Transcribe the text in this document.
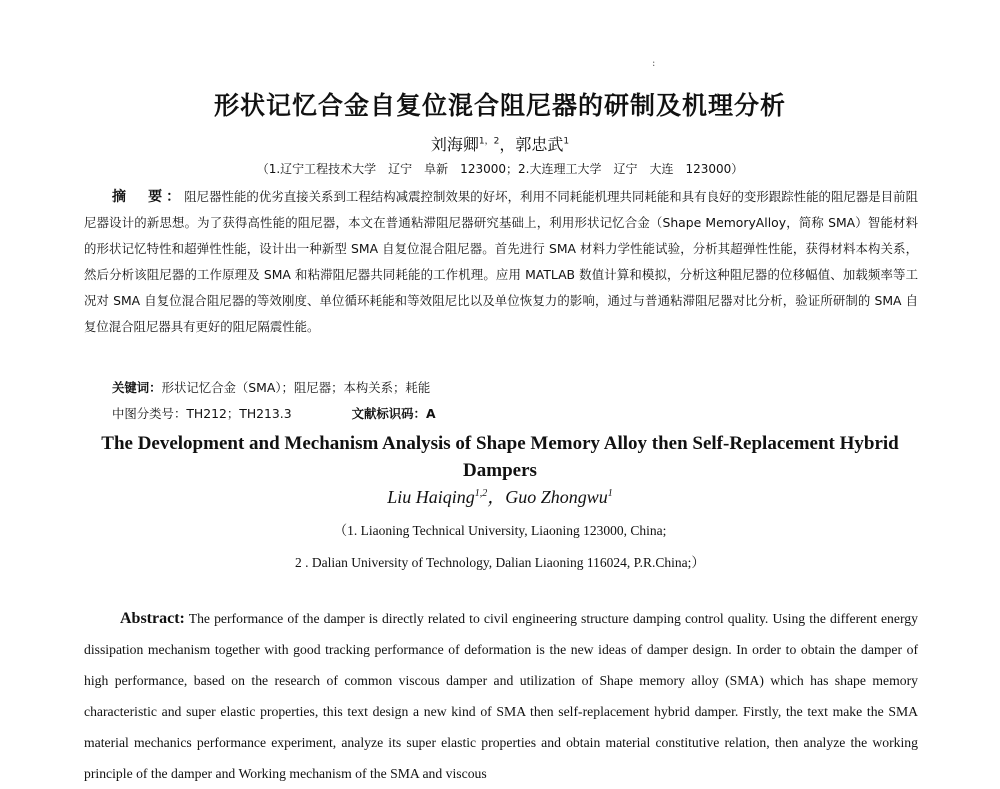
:
形状记忆合金自复位混合阻尼器的研制及机理分析
刘海卿$^{1,2}$，郭忠武$^1$
（1.辽宁工程技术大学　辽宁　阜新　123000；2.大连理工大学　辽宁　大连　123000）
摘　要：阻尼器性能的优劣直接关系到工程结构减震控制效果的好坏，利用不同耗能机理共同耗能和具有良好的变形跟踪性能的阻尼器是目前阻尼器设计的新思想。为了获得高性能的阻尼器，本文在普通粘滞阻尼器研究基础上，利用形状记忆合金（Shape MemoryAlloy，简称 SMA）智能材料的形状记忆特性和超弹性性能，设计出一种新型 SMA 自复位混合阻尼器。首先进行 SMA 材料力学性能试验，分析其超弹性性能，获得材料本构关系，然后分析该阻尼器的工作原理及 SMA 和粘滞阻尼器共同耗能的工作机理。应用 MATLAB 数值计算和模拟，分析这种阻尼器的位移幅值、加载频率等工况对 SMA 自复位混合阻尼器的等效刚度、单位循环耗能和等效阻尼比以及单位恢复力的影响，通过与普通粘滞阻尼器对比分析，验证所研制的 SMA 自复位混合阻尼器具有更好的阻尼隔震性能。
关键词：形状记忆合金（SMA）；阻尼器；本构关系；耗能
中图分类号：TH212；TH213.3	文献标识码：A
The Development and Mechanism Analysis of Shape Memory Alloy then Self-Replacement Hybrid Dampers
Liu Haiqing$^{1,2}$，Guo Zhongwu$^1$
（1. Liaoning Technical University, Liaoning 123000, China;
2 . Dalian University of Technology, Dalian Liaoning 116024, P.R.China;）
Abstract: The performance of the damper is directly related to civil engineering structure damping control quality. Using the different energy dissipation mechanism together with good tracking performance of deformation is the new ideas of damper design. In order to obtain the damper of high performance, based on the research of common viscous damper and utilization of Shape memory alloy (SMA) which has shape memory characteristic and super elastic properties, this text design a new kind of SMA then self-replacement hybrid damper. Firstly, the text make the SMA material mechanics performance experiment, analyze its super elastic properties and obtain material constitutive relation, then analyze the working principle of the damper and Working mechanism of the SMA and viscous
